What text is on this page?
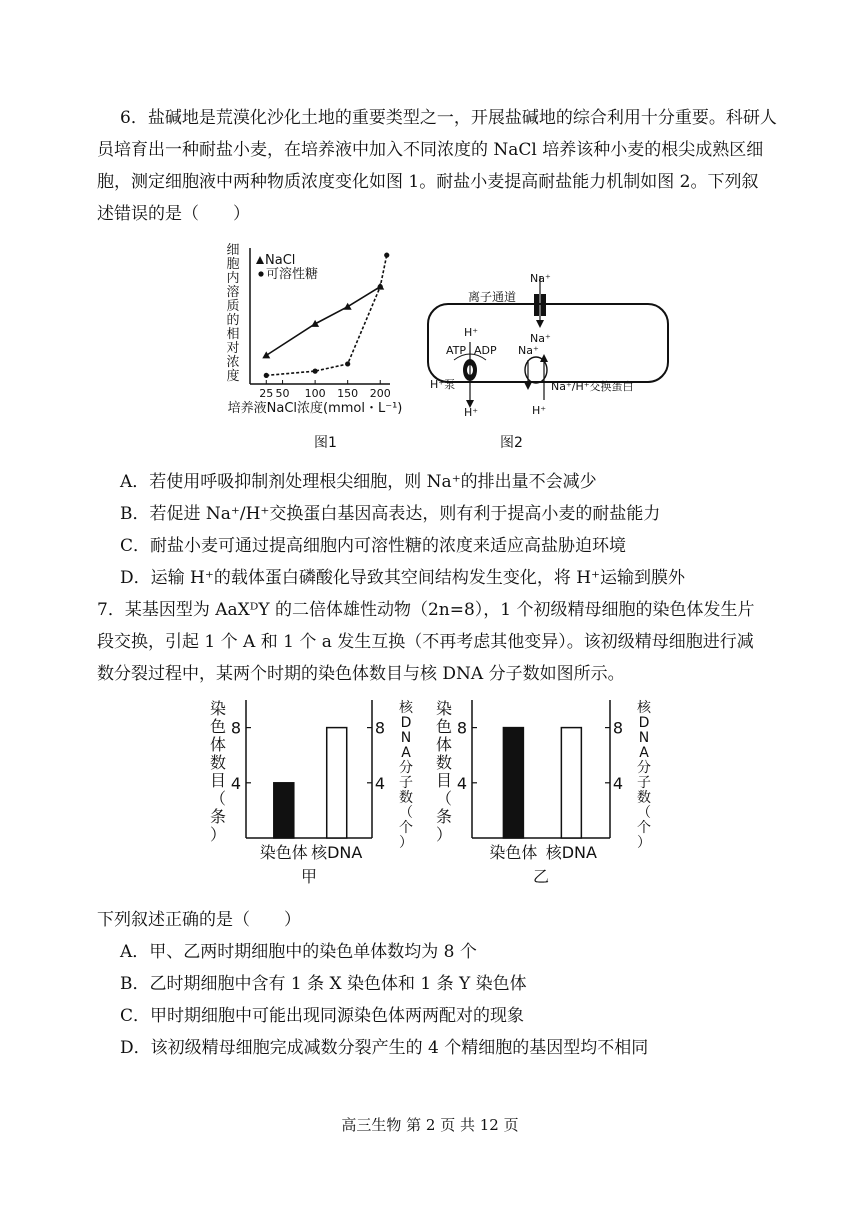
6．盐碱地是荒漠化沙化土地的重要类型之一，开展盐碱地的综合利用十分重要。科研人
员培育出一种耐盐小麦，在培养液中加入不同浓度的 NaCl 培养该种小麦的根尖成熟区细
胞，测定细胞液中两种物质浓度变化如图 1。耐盐小麦提高耐盐能力机制如图 2。下列叙
述错误的是（　　）
细
胞
内
溶
质
的
相
对
浓
度
25 50 100 150 200
NaCl
可溶性糖
培养液NaCl浓度(mmol・L⁻¹)
图1
Na⁺
离子通道
Na⁺
H⁺
ATP ADP
H⁺泵
H⁺
Na⁺
Na⁺/H⁺交换蛋白
H⁺
图2
A．若使用呼吸抑制剂处理根尖细胞，则 Na⁺的排出量不会减少
B．若促进 Na⁺/H⁺交换蛋白基因高表达，则有利于提高小麦的耐盐能力
C．耐盐小麦可通过提高细胞内可溶性糖的浓度来适应高盐胁迫环境
D．运输 H⁺的载体蛋白磷酸化导致其空间结构发生变化，将 H⁺运输到膜外
7．某基因型为 AaXᴰY 的二倍体雄性动物（2n=8），1 个初级精母细胞的染色体发生片
段交换，引起 1 个 A 和 1 个 a 发生互换（不再考虑其他变异）。该初级精母细胞进行减
数分裂过程中，某两个时期的染色体数目与核 DNA 分子数如图所示。
4	4
8	8
染
色
体
数
目
（
条
）
核
D
N
A
分
子
数
（
个
）
染色体 核DNA
甲
4	4
8	8
染
色
体
数
目
（
条
）
核
D
N
A
分
子
数
（
个
）
染色体 核DNA
乙
下列叙述正确的是（　　）
A．甲、乙两时期细胞中的染色单体数均为 8 个
B．乙时期细胞中含有 1 条 X 染色体和 1 条 Y 染色体
C．甲时期细胞中可能出现同源染色体两两配对的现象
D．该初级精母细胞完成减数分裂产生的 4 个精细胞的基因型均不相同
高三生物 第 2 页 共 12 页
